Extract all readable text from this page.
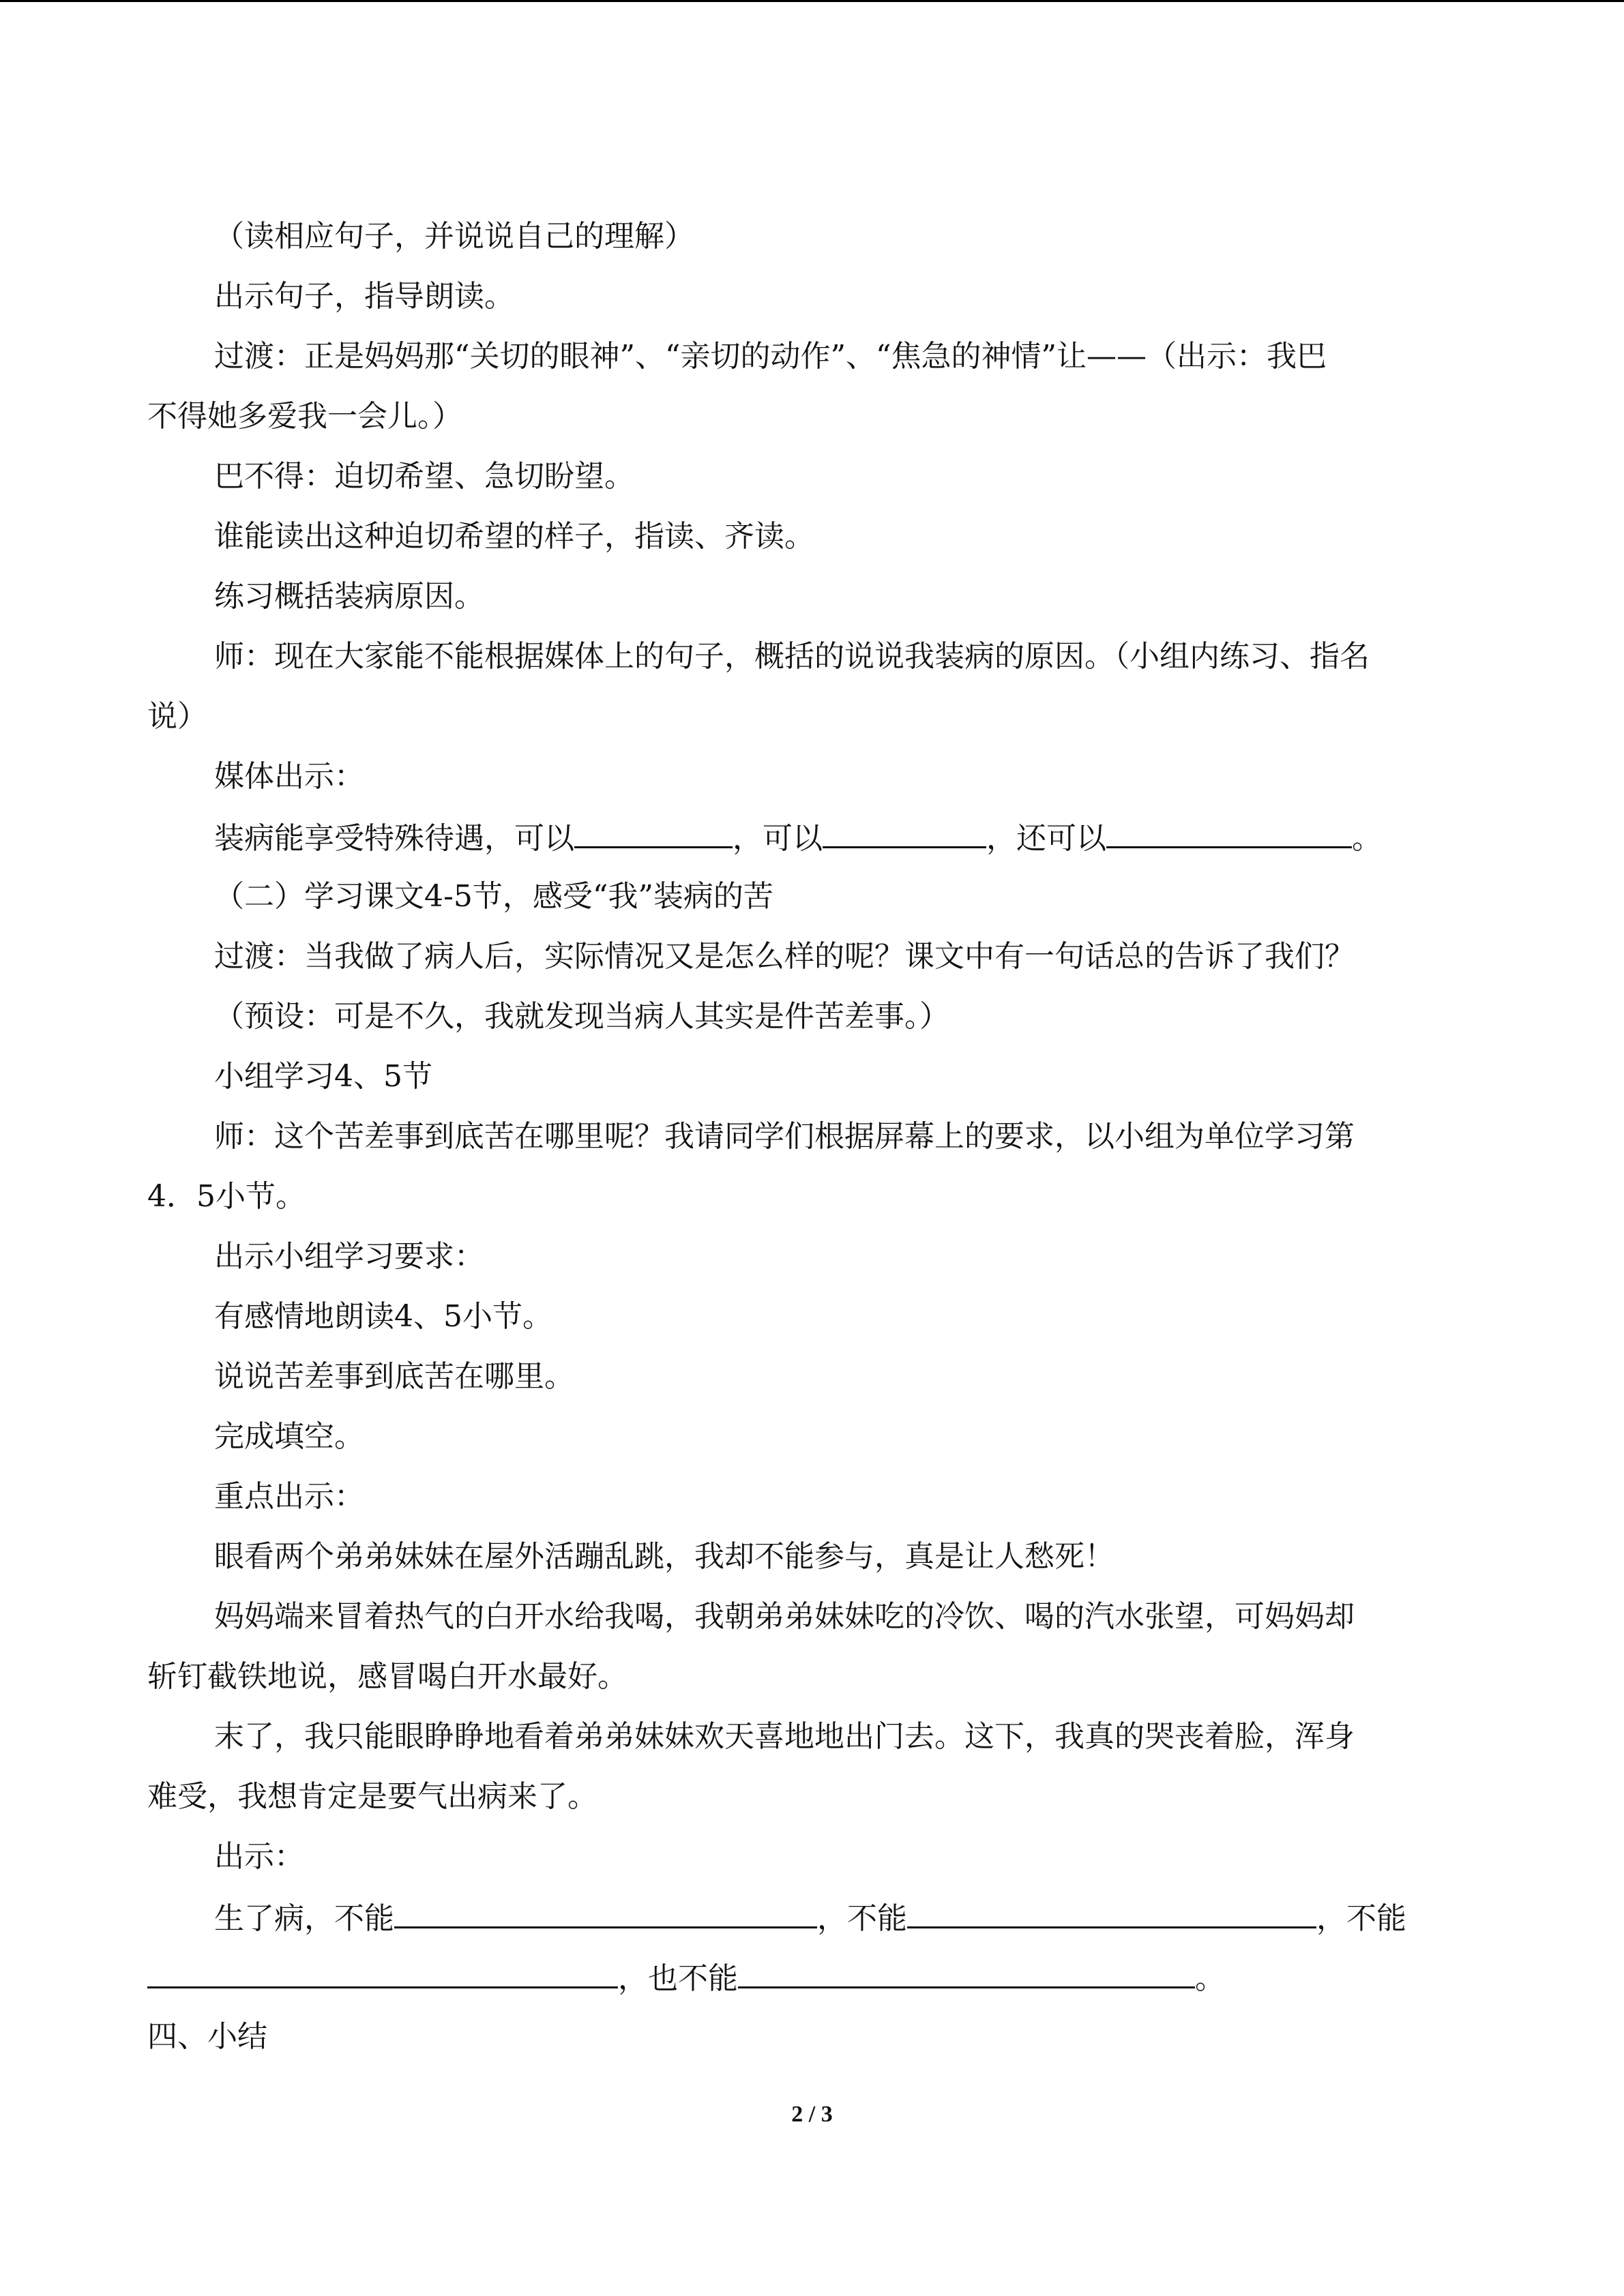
（读相应句子，并说说自己的理解）
出示句子，指导朗读。
过渡：正是妈妈那“关切的眼神”、“亲切的动作”、“焦急的神情”让——（出示：我巴
不得她多爱我一会儿。）
巴不得：迫切希望、急切盼望。
谁能读出这种迫切希望的样子，指读、齐读。
练习概括装病原因。
师：现在大家能不能根据媒体上的句子，概括的说说我装病的原因。（小组内练习、指名
说）
媒体出示：
装病能享受特殊待遇，可以	，可以	，还可以	。
（二）学习课文4-5节，感受“我”装病的苦
过渡：当我做了病人后，实际情况又是怎么样的呢？课文中有一句话总的告诉了我们？
（预设：可是不久，我就发现当病人其实是件苦差事。）
小组学习4、5节
师：这个苦差事到底苦在哪里呢？我请同学们根据屏幕上的要求，以小组为单位学习第
4．5小节。
出示小组学习要求：
有感情地朗读4、5小节。
说说苦差事到底苦在哪里。
完成填空。
重点出示：
眼看两个弟弟妹妹在屋外活蹦乱跳，我却不能参与，真是让人愁死！
妈妈端来冒着热气的白开水给我喝，我朝弟弟妹妹吃的冷饮、喝的汽水张望，可妈妈却
斩钉截铁地说，感冒喝白开水最好。
末了，我只能眼睁睁地看着弟弟妹妹欢天喜地地出门去。这下，我真的哭丧着脸，浑身
难受，我想肯定是要气出病来了。
出示：
生了病，不能	，不能	，不能
，也不能	。
四、小结
2 / 3
